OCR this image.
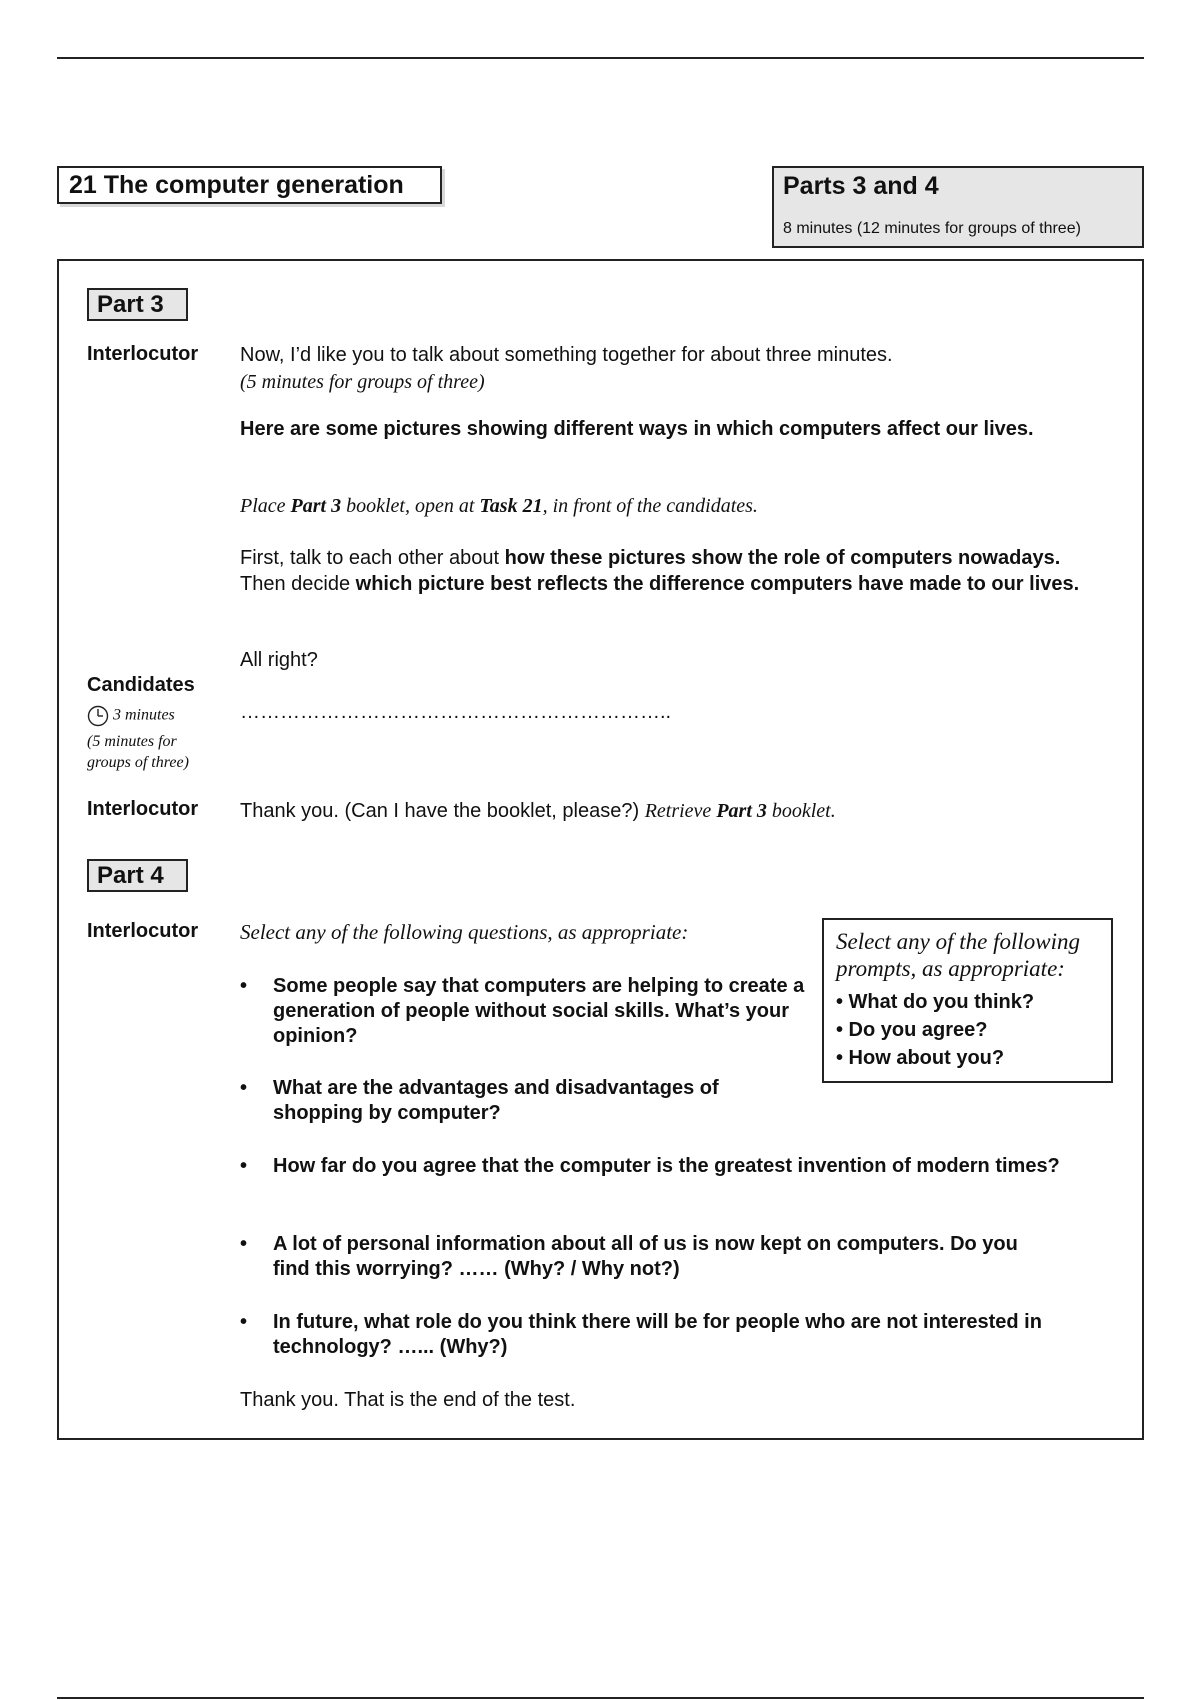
21 The computer generation	Parts 3 and 4
8 minutes (12 minutes for groups of three)
Part 3
Interlocutor Now, I’d like you to talk about something together for about three minutes.
(5 minutes for groups of three)
Here are some pictures showing different ways in which computers affect our lives.
Place Part 3 booklet, open at Task 21, in front of the candidates.
First, talk to each other about how these pictures show the role of computers nowadays. Then decide which picture best reflects the difference computers have made to our lives.
All right?
Candidates
3 minutes
(5 minutes for groups of three)
………………………………………………………..
Interlocutor Thank you. (Can I have the booklet, please?) Retrieve Part 3 booklet.
Part 4
Interlocutor Select any of the following questions, as appropriate:
• Some people say that computers are helping to create a generation of people without social skills. What’s your opinion?
• What are the advantages and disadvantages of shopping by computer?
• How far do you agree that the computer is the greatest invention of modern times?
• A lot of personal information about all of us is now kept on computers. Do you find this worrying? …… (Why? / Why not?)
• In future, what role do you think there will be for people who are not interested in technology? …... (Why?)
Thank you. That is the end of the test.
Select any of the following prompts, as appropriate:
• What do you think?
• Do you agree?
• How about you?
